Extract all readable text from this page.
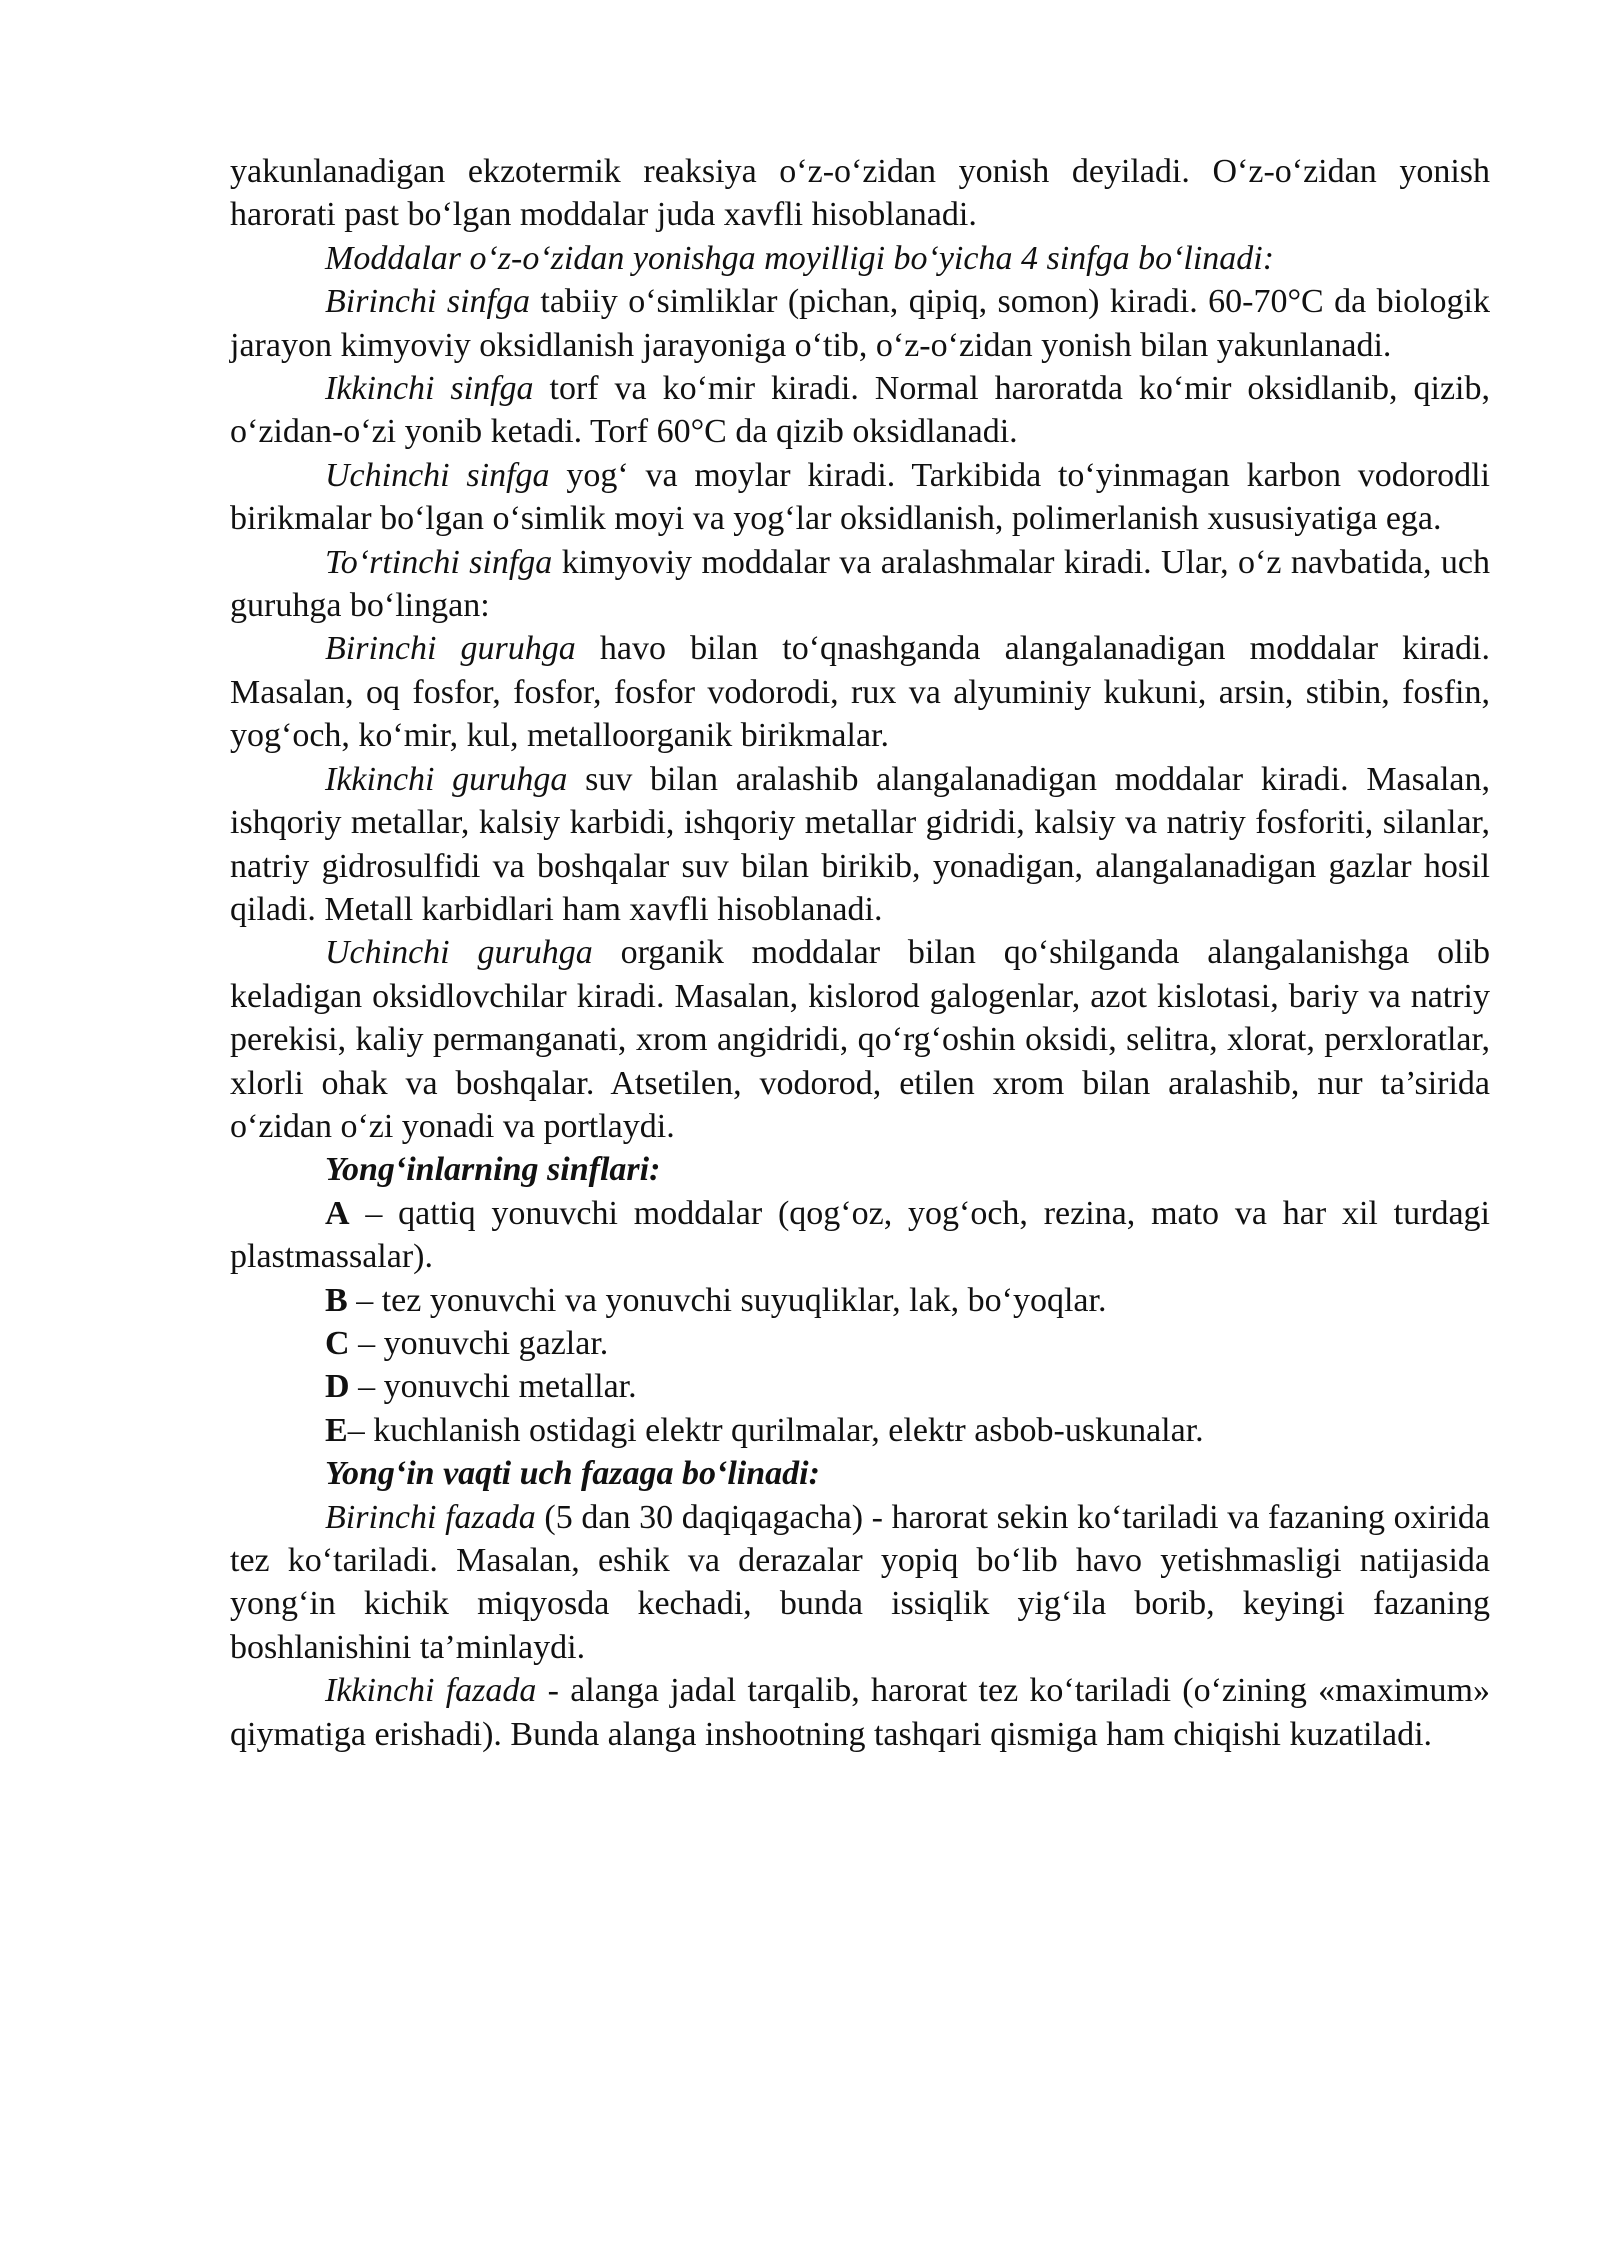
yakunlanadigan ekzotermik reaksiya o‘z-o‘zidan yonish deyiladi. O‘z-o‘zidan yonish harorati past bo‘lgan moddalar juda xavfli hisoblanadi.

Moddalar o‘z-o‘zidan yonishga moyilligi bo‘yicha 4 sinfga bo‘linadi:

Birinchi sinfga tabiiy o‘simliklar (pichan, qipiq, somon) kiradi. 60-70°C da biologik jarayon kimyoviy oksidlanish jarayoniga o‘tib, o‘z-o‘zidan yonish bilan yakunlanadi.

Ikkinchi sinfga torf va ko‘mir kiradi. Normal haroratda ko‘mir oksidlanib, qizib, o‘zidan-o‘zi yonib ketadi. Torf 60°C da qizib oksidlanadi.

Uchinchi sinfga yog‘ va moylar kiradi. Tarkibida to‘yinmagan karbon vodorodli birikmalar bo‘lgan o‘simlik moyi va yog‘lar oksidlanish, polimerlanish xususiyatiga ega.

To‘rtinchi sinfga kimyoviy moddalar va aralashmalar kiradi. Ular, o‘z navbatida, uch guruhga bo‘lingan:

Birinchi guruhga havo bilan to‘qnashganda alangalanadigan moddalar kiradi. Masalan, oq fosfor, fosfor, fosfor vodorodi, rux va alyuminiy kukuni, arsin, stibin, fosfin, yog‘och, ko‘mir, kul, metalloorganik birikmalar.

Ikkinchi guruhga suv bilan aralashib alangalanadigan moddalar kiradi. Masalan, ishqoriy metallar, kalsiy karbidi, ishqoriy metallar gidridi, kalsiy va natriy fosforiti, silanlar, natriy gidrosulfidi va boshqalar suv bilan birikib, yonadigan, alangalanadigan gazlar hosil qiladi. Metall karbidlari ham xavfli hisoblanadi.

Uchinchi guruhga organik moddalar bilan qo‘shilganda alangalanishga olib keladigan oksidlovchilar kiradi. Masalan, kislorod galogenlar, azot kislotasi, bariy va natriy perekisi, kaliy permanganati, xrom angidridi, qo‘rg‘oshin oksidi, selitra, xlorat, perxloratlar, xlorli ohak va boshqalar. Atsetilen, vodorod, etilen xrom bilan aralashib, nur ta’sirida o‘zidan o‘zi yonadi va portlaydi.

Yong‘inlarning sinflari:

A – qattiq yonuvchi moddalar (qog‘oz, yog‘och, rezina, mato va har xil turdagi plastmassalar).

B – tez yonuvchi va yonuvchi suyuqliklar, lak, bo‘yoqlar.

C – yonuvchi gazlar.

D – yonuvchi metallar.

E– kuchlanish ostidagi elektr qurilmalar, elektr asbob-uskunalar.

Yong‘in vaqti uch fazaga bo‘linadi:

Birinchi fazada (5 dan 30 daqiqagacha) - harorat sekin ko‘tariladi va fazaning oxirida tez ko‘tariladi. Masalan, eshik va derazalar yopiq bo‘lib havo yetishmasligi natijasida yong‘in kichik miqyosda kechadi, bunda issiqlik yig‘ila borib, keyingi fazaning boshlanishini ta’minlaydi.

Ikkinchi fazada - alanga jadal tarqalib, harorat tez ko‘tariladi (o‘zining «maximum» qiymatiga erishadi). Bunda alanga inshootning tashqari qismiga ham chiqishi kuzatiladi.
